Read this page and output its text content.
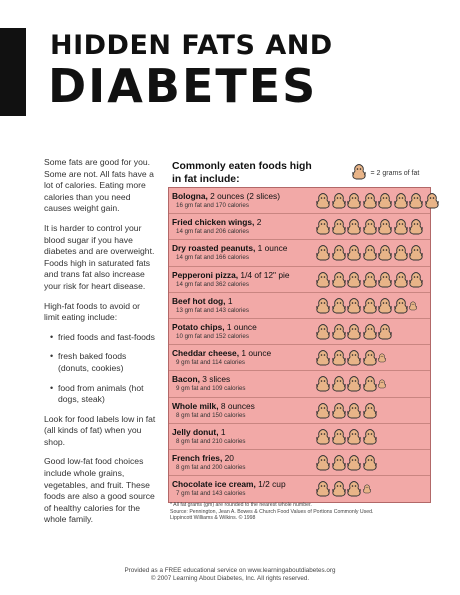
HIDDEN FATS AND
DIABETES

Some fats are good for you. Some are not. All fats have a lot of calories. Eating more calories than you need causes weight gain.

It is harder to control your blood sugar if you have diabetes and are overweight. Foods high in saturated fats and trans fat also increase your risk for heart disease.

High-fat foods to avoid or limit eating include:

• fried foods and fast-foods
• fresh baked foods (donuts, cookies)
• food from animals (hot dogs, steak)

Look for food labels low in fat (all kinds of fat) when you shop.

Good low-fat food choices include whole grains, vegetables, and fruit. These foods are also a good source of healthy calories for the whole family.

Commonly eaten foods high in fat include:
= 2 grams of fat
Bologna, 2 ounces (2 slices)
16 gm fat and 170 calories
Fried chicken wings, 2
14 gm fat and 206 calories
Dry roasted peanuts, 1 ounce
14 gm fat and 166 calories
Pepperoni pizza, 1/4 of 12" pie
14 gm fat and 362 calories
Beef hot dog, 1
13 gm fat and 143 calories
Potato chips, 1 ounce
10 gm fat and 152 calories
Cheddar cheese, 1 ounce
9 gm fat and 114 calories
Bacon, 3 slices
9 gm fat and 109 calories
Whole milk, 8 ounces
8 gm fat and 150 calories
Jelly donut, 1
8 gm fat and 210 calories
French fries, 20
8 gm fat and 200 calories
Chocolate ice cream, 1/2 cup
7 gm fat and 143 calories
* All fat grams (gm) are rounded to the nearest whole number.
Source: Pennington, Jean A. Bowes & Church Food Values of Portions Commonly Used.
Lippincott Williams & Wilkins. © 1998
Provided as a FREE educational service on www.learningaboutdiabetes.org
© 2007 Learning About Diabetes, Inc. All rights reserved.
